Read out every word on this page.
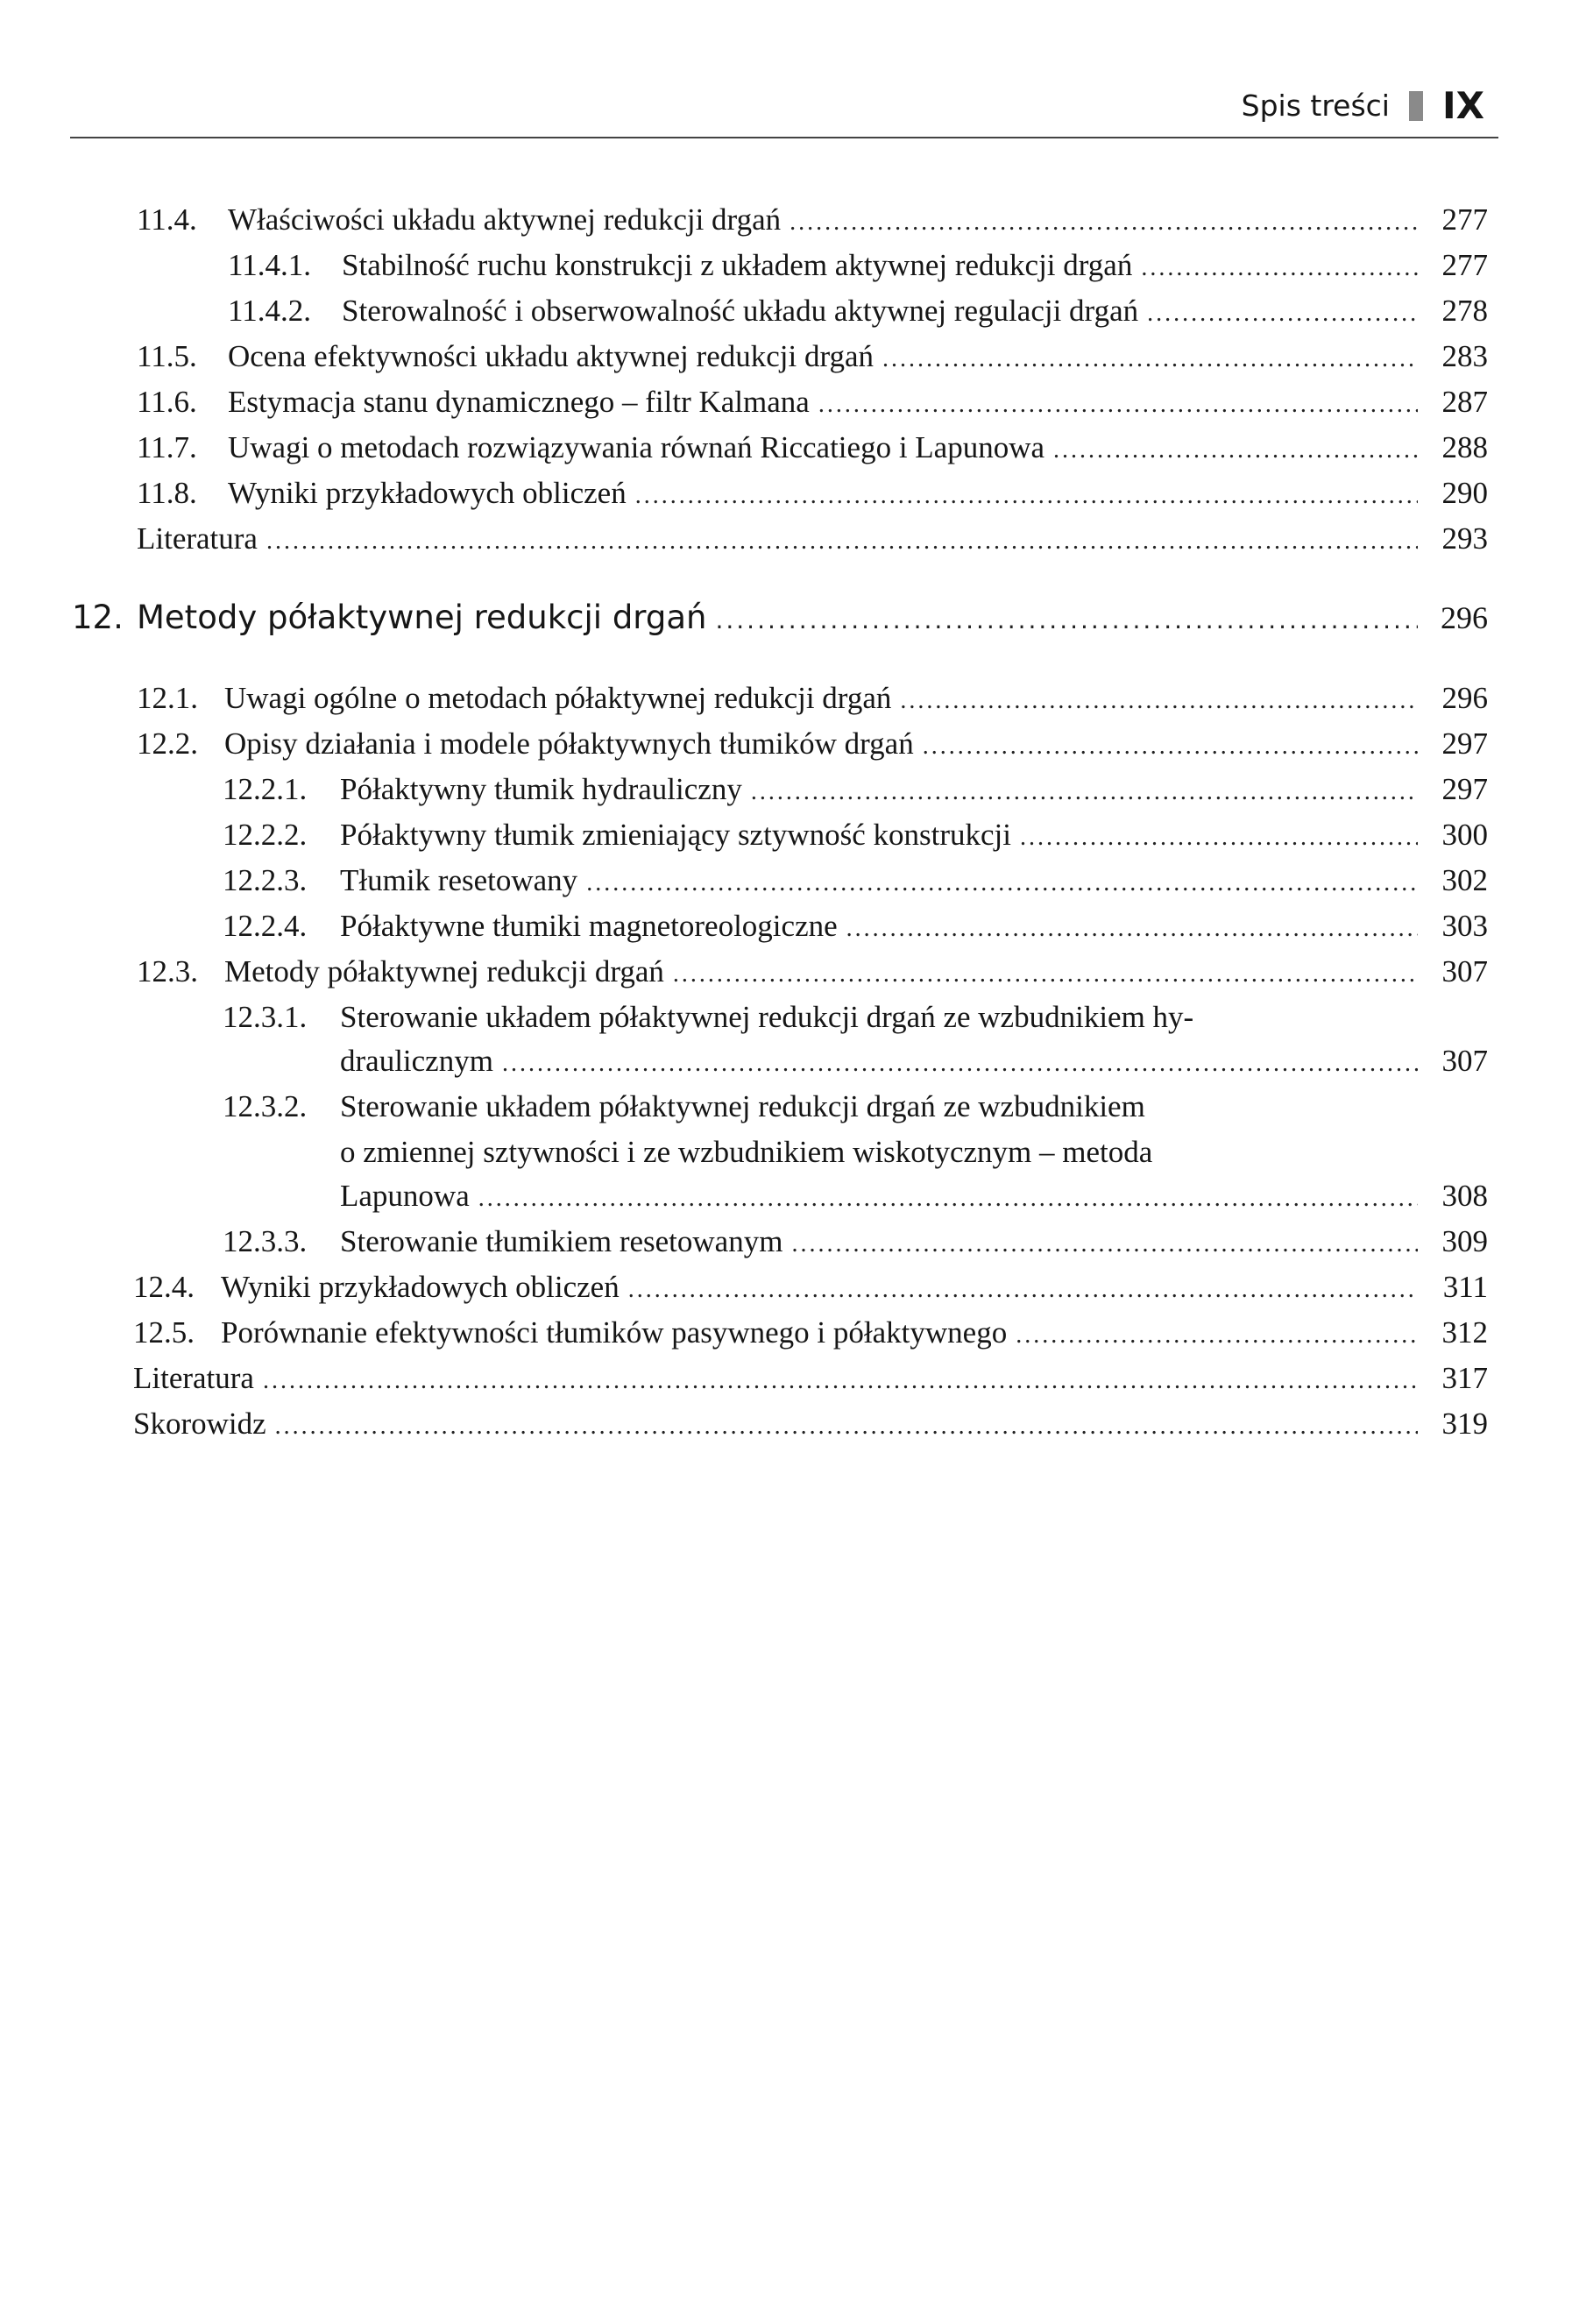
Spis treści IX
11.4.	Właściwości układu aktywnej redukcji drgań .....	277
11.4.1.	Stabilność ruchu konstrukcji z układem aktywnej redukcji drgań .....	277
11.4.2.	Sterowalność i obserwowalność układu aktywnej regulacji drgań .....	278
11.5.	Ocena efektywności układu aktywnej redukcji drgań .....	283
11.6.	Estymacja stanu dynamicznego – filtr Kalmana .....	287
11.7.	Uwagi o metodach rozwiązywania równań Riccatiego i Lapunowa .....	288
11.8.	Wyniki przykładowych obliczeń .....	290
Literatura .....	293
12. Metody półaktywnej redukcji drgań .....	296
12.1. Uwagi ogólne o metodach półaktywnej redukcji drgań .....	296
12.2. Opisy działania i modele półaktywnych tłumików drgań .....	297
12.2.1.	Półaktywny tłumik hydrauliczny .....	297
12.2.2.	Półaktywny tłumik zmieniający sztywność konstrukcji .....	300
12.2.3.	Tłumik resetowany .....	302
12.2.4.	Półaktywne tłumiki magnetoreologiczne .....	303
12.3. Metody półaktywnej redukcji drgań .....	307
12.3.1. Sterowanie układem półaktywnej redukcji drgań ze wzbudnikiem hy-
draulicznym .....	307
12.3.2. Sterowanie układem półaktywnej redukcji drgań ze wzbudnikiem
o zmiennej sztywności i ze wzbudnikiem wiskotycznym – metoda
Lapunowa .....	308
12.3.3.	Sterowanie tłumikiem resetowanym .....	309
12.4. Wyniki przykładowych obliczeń .....	311
12.5. Porównanie efektywności tłumików pasywnego i półaktywnego .....	312
Literatura .....	317
Skorowidz .....	319
